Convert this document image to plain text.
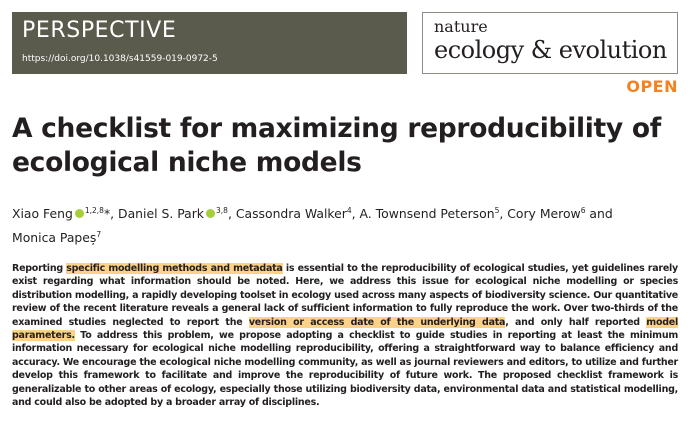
PERSPECTIVE
https://doi.org/10.1038/s41559-019-0972-5
nature
ecology & evolution
OPEN
A checklist for maximizing reproducibility of ecological niche models
Xiao Feng $^{1,2,8}$*, Daniel S. Park $^{3,8}$, Cassondra Walker$^4$, A. Townsend Peterson$^5$, Cory Merow$^6$ and Monica Papeș$^7$

Reporting specific modelling methods and metadata is essential to the reproducibility of ecological studies, yet guidelines rarely exist regarding what information should be noted. Here, we address this issue for ecological niche modelling or species distribution modelling, a rapidly developing toolset in ecology used across many aspects of biodiversity science. Our quantitative review of the recent literature reveals a general lack of sufficient information to fully reproduce the work. Over two-thirds of the examined studies neglected to report the version or access date of the underlying data, and only half reported model parameters. To address this problem, we propose adopting a checklist to guide studies in reporting at least the minimum information necessary for ecological niche modelling reproducibility, offering a straightforward way to balance efficiency and accuracy. We encourage the ecological niche modelling community, as well as journal reviewers and editors, to utilize and further develop this framework to facilitate and improve the reproducibility of future work. The proposed checklist framework is generalizable to other areas of ecology, especially those utilizing biodiversity data, environmental data and statistical modelling, and could also be adopted by a broader array of disciplines.
